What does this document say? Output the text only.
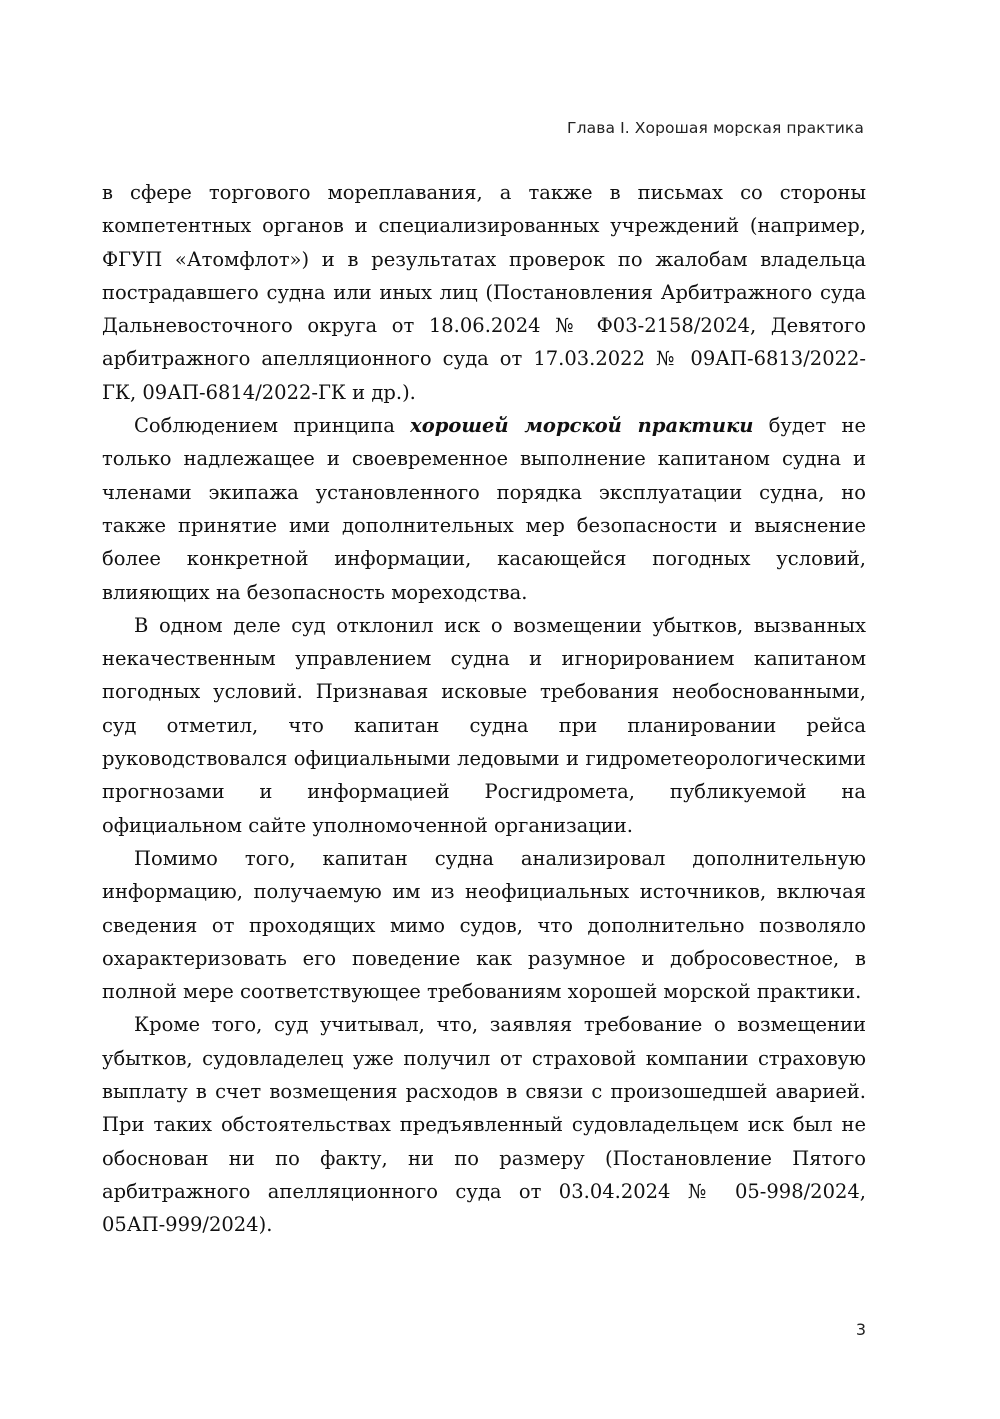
Глава I. Хорошая морская практика

в сфере торгового мореплавания, а также в письмах со стороны компетентных органов и специализированных учреждений (например, ФГУП «Атомфлот») и в результатах проверок по жалобам владельца пострадавшего судна или иных лиц (Постановления Арбитражного суда Дальневосточного округа от 18.06.2024 № Ф03-2158/2024, Девятого арбитражного апелляционного суда от 17.03.2022 № 09АП-6813/2022-ГК, 09АП-6814/2022-ГК и др.).

Соблюдением принципа хорошей морской практики будет не только надлежащее и своевременное выполнение капитаном судна и членами экипажа установленного порядка эксплуатации судна, но также принятие ими дополнительных мер безопасности и выяснение более конкретной информации, касающейся погодных условий, влияющих на безопасность мореходства.

В одном деле суд отклонил иск о возмещении убытков, вызванных некачественным управлением судна и игнорированием капитаном погодных условий. Признавая исковые требования необоснованными, суд отметил, что капитан судна при планировании рейса руководствовался официальными ледовыми и гидрометеорологическими прогнозами и информацией Росгидромета, публикуемой на официальном сайте уполномоченной организации.

Помимо того, капитан судна анализировал дополнительную информацию, получаемую им из неофициальных источников, включая сведения от проходящих мимо судов, что дополнительно позволяло охарактеризовать его поведение как разумное и добросовестное, в полной мере соответствующее требованиям хорошей морской практики.

Кроме того, суд учитывал, что, заявляя требование о возмещении убытков, судовладелец уже получил от страховой компании страховую выплату в счет возмещения расходов в связи с произошедшей аварией. При таких обстоятельствах предъявленный судовладельцем иск был не обоснован ни по факту, ни по размеру (Постановление Пятого арбитражного апелляционного суда от 03.04.2024 № 05-998/2024, 05АП-999/2024).

3
